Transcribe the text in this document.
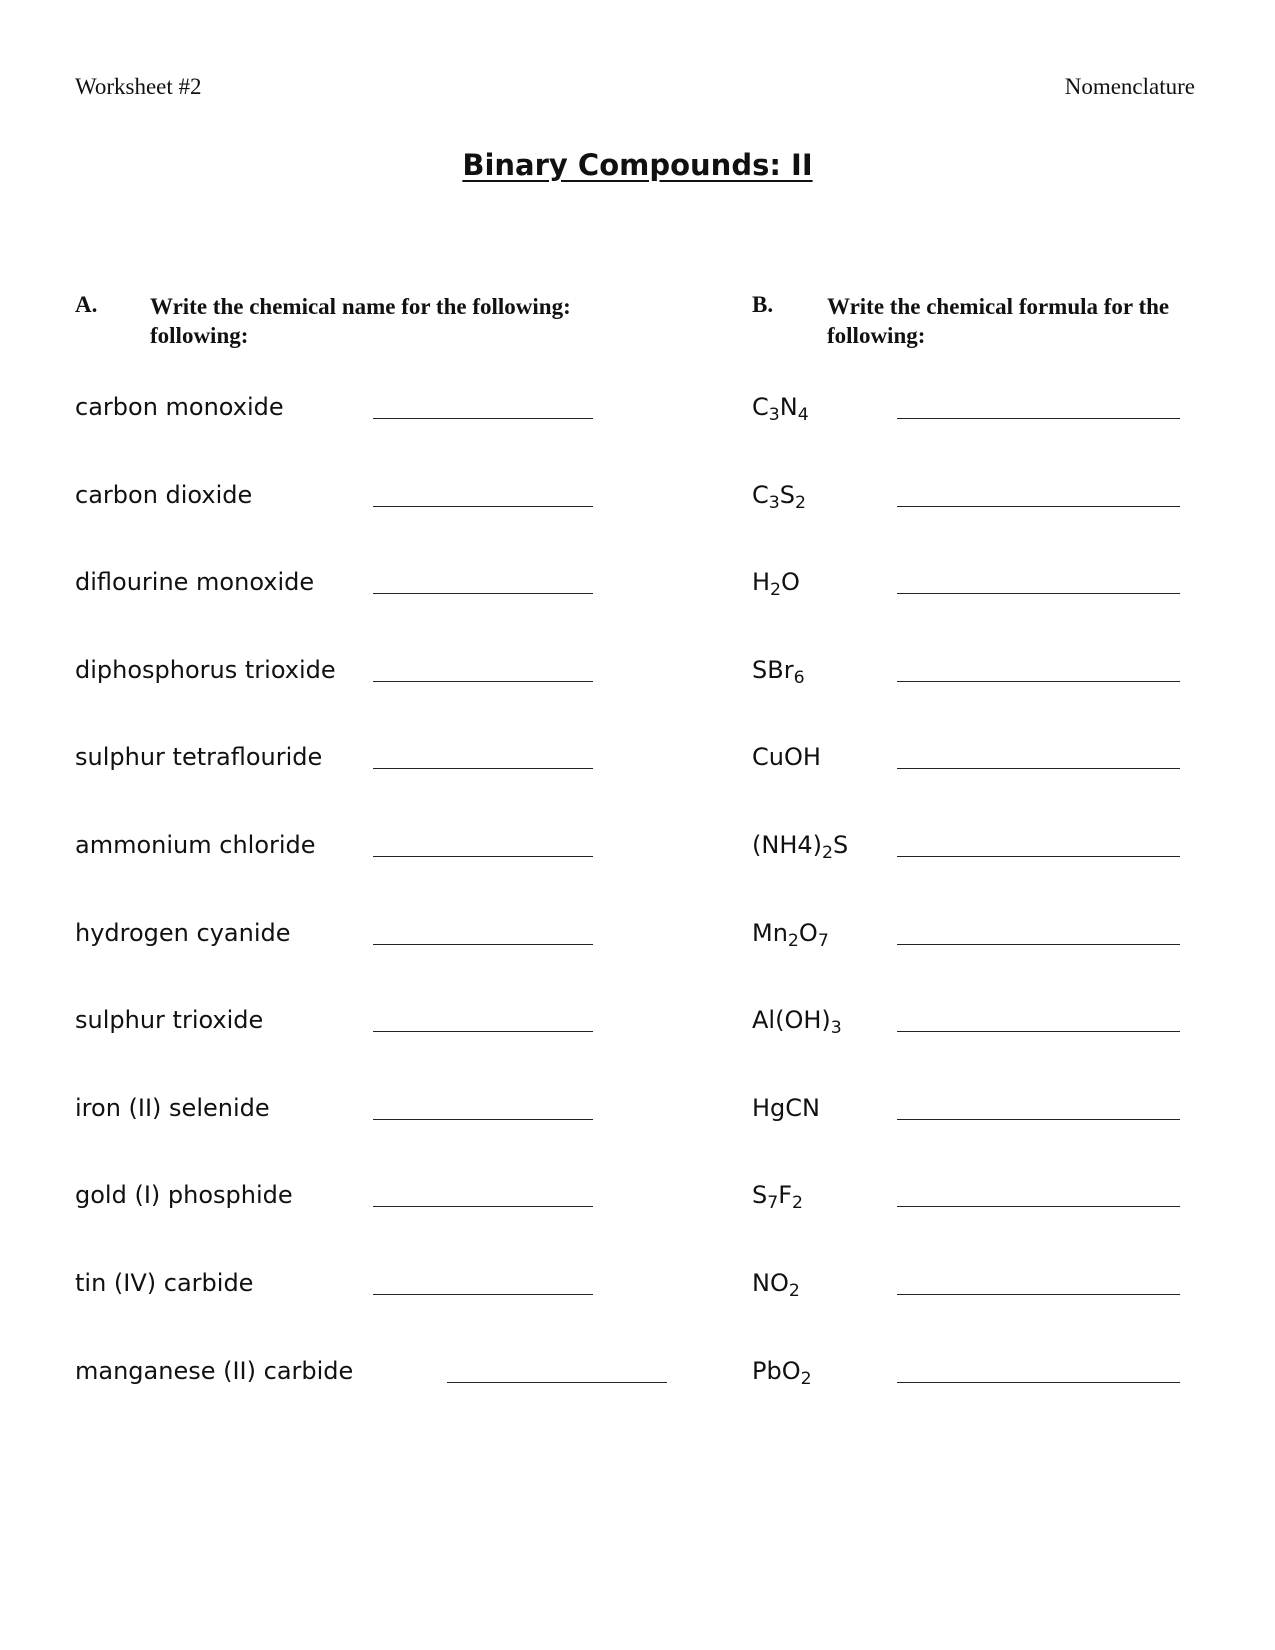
Worksheet #2	Nomenclature
Binary Compounds: II
A. Write the chemical name for the following: following:
B. Write the chemical formula for the following:
carbon monoxide
carbon dioxide
diflourine monoxide
diphosphorus trioxide
sulphur tetraflouride
ammonium chloride
hydrogen cyanide
sulphur trioxide
iron (II) selenide
gold (I) phosphide
tin (IV) carbide
manganese (II) carbide
$C_3N_4$
$C_3S_2$
$H_2O$
SBr$_6$
CuOH
$(NH4)_2S$
$Mn_2O_7$
$Al(OH)_3$
HgCN
$S_7F_2$
$NO_2$
PbO$_2$
